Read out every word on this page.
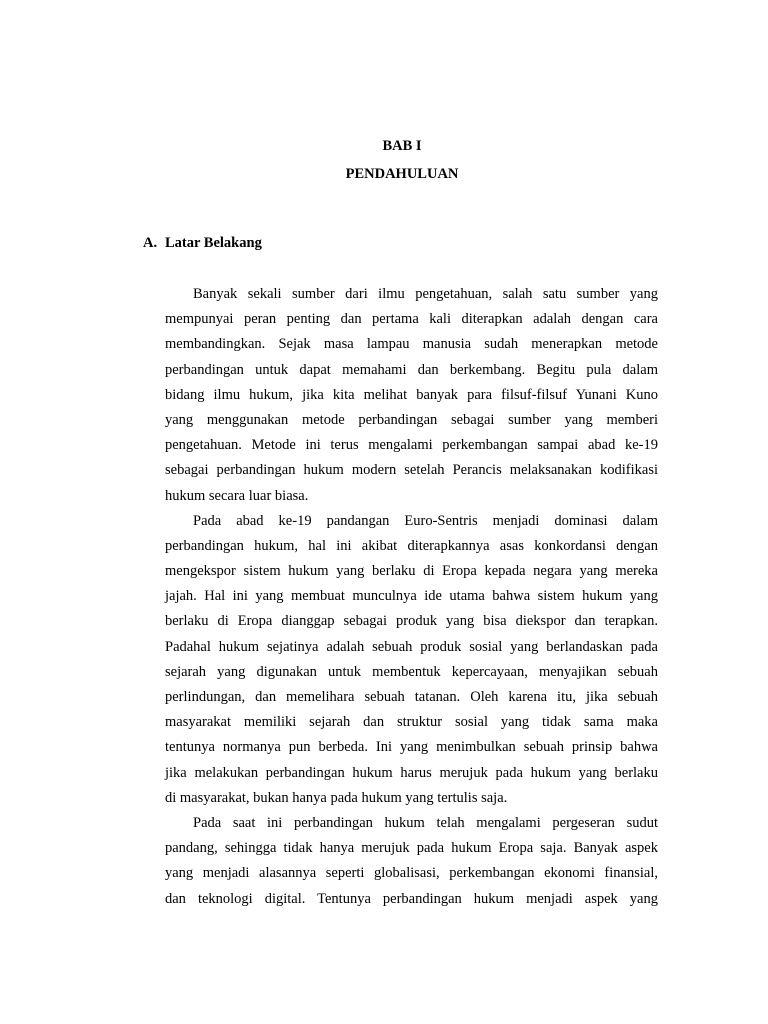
BAB I
PENDAHULUAN
A. Latar Belakang
Banyak sekali sumber dari ilmu pengetahuan, salah satu sumber yang
mempunyai peran penting dan pertama kali diterapkan adalah dengan cara
membandingkan. Sejak masa lampau manusia sudah menerapkan metode
perbandingan untuk dapat memahami dan berkembang. Begitu pula dalam
bidang ilmu hukum, jika kita melihat banyak para filsuf-filsuf Yunani Kuno
yang menggunakan metode perbandingan sebagai sumber yang memberi
pengetahuan. Metode ini terus mengalami perkembangan sampai abad ke-19
sebagai perbandingan hukum modern setelah Perancis melaksanakan kodifikasi
hukum secara luar biasa.
Pada abad ke-19 pandangan Euro-Sentris menjadi dominasi dalam
perbandingan hukum, hal ini akibat diterapkannya asas konkordansi dengan
mengekspor sistem hukum yang berlaku di Eropa kepada negara yang mereka
jajah. Hal ini yang membuat munculnya ide utama bahwa sistem hukum yang
berlaku di Eropa dianggap sebagai produk yang bisa diekspor dan terapkan.
Padahal hukum sejatinya adalah sebuah produk sosial yang berlandaskan pada
sejarah yang digunakan untuk membentuk kepercayaan, menyajikan sebuah
perlindungan, dan memelihara sebuah tatanan. Oleh karena itu, jika sebuah
masyarakat memiliki sejarah dan struktur sosial yang tidak sama maka
tentunya normanya pun berbeda. Ini yang menimbulkan sebuah prinsip bahwa
jika melakukan perbandingan hukum harus merujuk pada hukum yang berlaku
di masyarakat, bukan hanya pada hukum yang tertulis saja.
Pada saat ini perbandingan hukum telah mengalami pergeseran sudut
pandang, sehingga tidak hanya merujuk pada hukum Eropa saja. Banyak aspek
yang menjadi alasannya seperti globalisasi, perkembangan ekonomi finansial,
dan teknologi digital. Tentunya perbandingan hukum menjadi aspek yang
